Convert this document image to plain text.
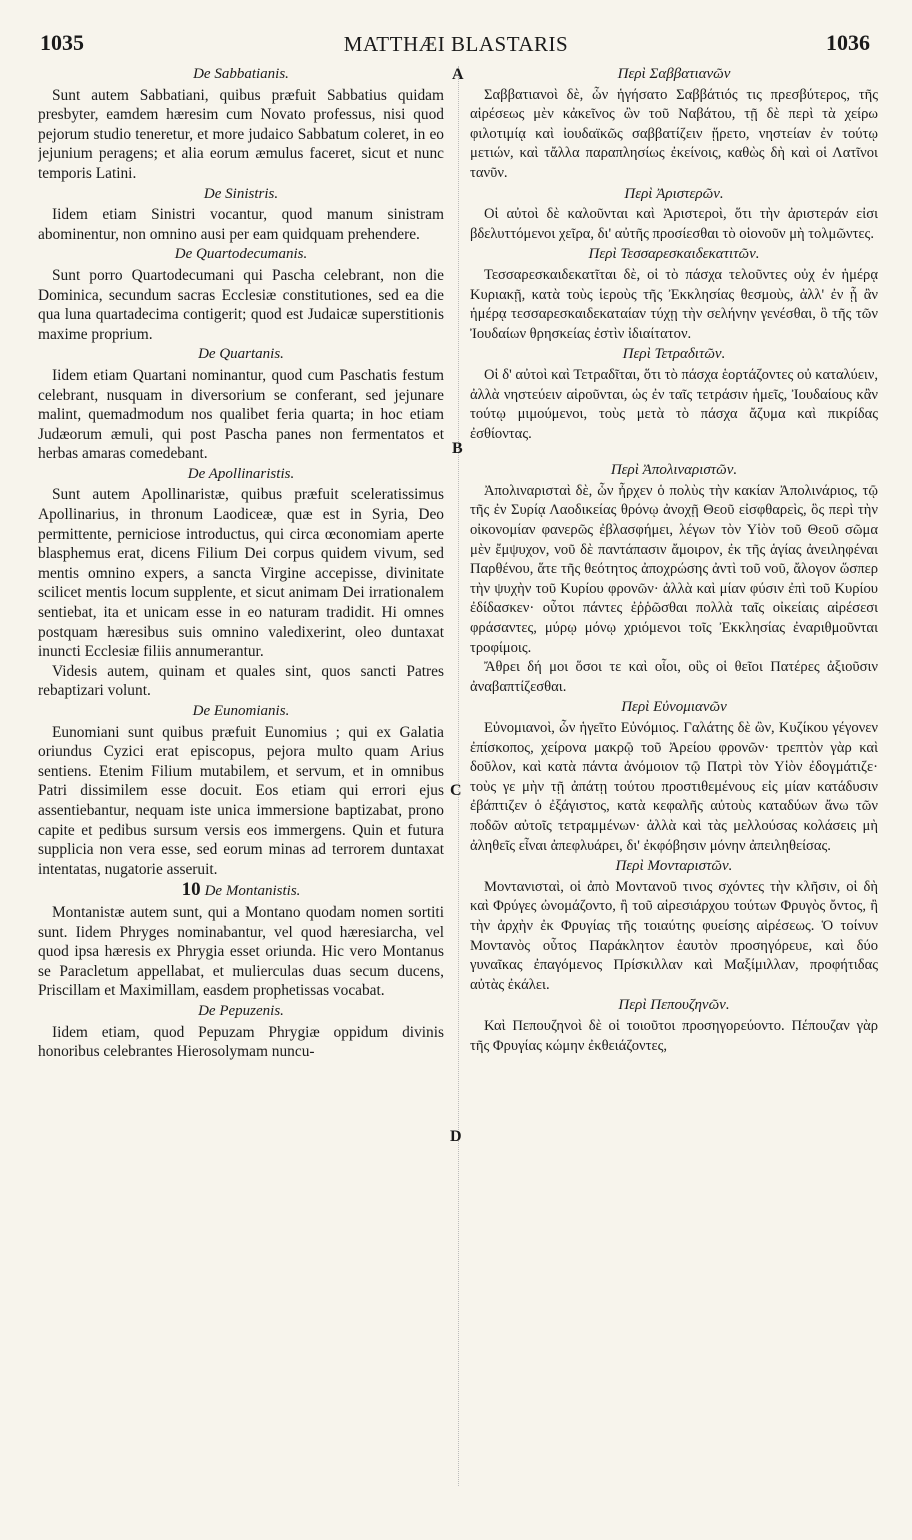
1035	MATTHÆI BLASTARIS	1036
De Sabbatianis.

Sunt autem Sabbatiani, quibus præfuit Sabbatius quidam presbyter, eamdem hæresim cum Novato professus, nisi quod pejorum studio teneretur, et more judaico Sabbatum coleret, in eo jejunium peragens; et alia eorum æmulus faceret, sicut et nunc temporis Latini.

De Sinistris.

Iidem etiam Sinistri vocantur, quod manum sinistram abominentur, non omnino ausi per eam quidquam prehendere.

De Quartodecumanis.

Sunt porro Quartodecumani qui Pascha celebrant, non die Dominica, secundum sacras Ecclesiæ constitutiones, sed ea die qua luna quartadecima contigerit; quod est Judaicæ superstitionis maxime proprium.

De Quartanis.

Iidem etiam Quartani nominantur, quod cum Paschatis festum celebrant, nusquam in diversorium se conferant, sed jejunare malint, quemadmodum nos qualibet feria quarta; in hoc etiam Judæorum æmuli, qui post Pascha panes non fermentatos et herbas amaras comedebant.

De Apollinaristis.

Sunt autem Apollinaristæ, quibus præfuit sceleratissimus Apollinarius, in thronum Laodiceæ, quæ est in Syria, Deo permittente, perniciose introductus, qui circa œconomiam aperte blasphemus erat, dicens Filium Dei corpus quidem vivum, sed mentis omnino expers, a sancta Virgine accepisse, divinitate scilicet mentis locum supplente, et sicut animam Dei irrationalem sentiebat, ita et unicam esse in eo naturam tradidit. Hi omnes postquam hæresibus suis omnino valedixerint, oleo duntaxat inuncti Ecclesiæ filiis annumerantur.

Videsis autem, quinam et quales sint, quos sancti Patres rebaptizari volunt.

De Eunomianis.

Eunomiani sunt quibus præfuit Eunomius ; qui ex Galatia oriundus Cyzici erat episcopus, pejora multo quam Arius sentiens. Etenim Filium mutabilem, et servum, et in omnibus Patri dissimilem esse docuit. Eos etiam qui errori ejus assentiebantur, nequam iste unica immersione baptizabat, prono capite et pedibus sursum versis eos immergens. Quin et futura supplicia non vera esse, sed eorum minas ad terrorem duntaxat intentatas, nugatorie asseruit.

10 De Montanistis.

Montanistæ autem sunt, qui a Montano quodam nomen sortiti sunt. Iidem Phryges nominabantur, vel quod hæresiarcha, vel quod ipsa hæresis ex Phrygia esset oriunda. Hic vero Montanus se Paracletum appellabat, et mulierculas duas secum ducens, Priscillam et Maximillam, easdem prophetissas vocabat.

De Pepuzenis.

Iidem etiam, quod Pepuzam Phrygiæ oppidum divinis honoribus celebrantes Hierosolymam nuncu-

Περὶ Σαββατιανῶν

Σαββατιανοὶ δὲ, ὧν ἡγήσατο Σαββάτιός τις πρεσβύτερος, τῆς αἱρέσεως μὲν κἀκεῖνος ὢν τοῦ Ναβάτου, τῇ δὲ περὶ τὰ χείρω φιλοτιμίᾳ καὶ ἰουδαϊκῶς σαββατίζειν ᾕρετο, νηστείαν ἐν τούτῳ μετιών, καὶ τἄλλα παραπλησίως ἐκείνοις, καθὼς δὴ καὶ οἱ Λατῖνοι τανῦν.

Περὶ Ἀριστερῶν.

Οἱ αὐτοὶ δὲ καλοῦνται καὶ Ἀριστεροὶ, ὅτι τὴν ἀριστεράν εἰσι βδελυττόμενοι χεῖρα, δι' αὐτῆς προσίεσθαι τὸ οἱονοῦν μὴ τολμῶντες.

Περὶ Τεσσαρεσκαιδεκατιτῶν.

Τεσσαρεσκαιδεκατῖται δὲ, οἱ τὸ πάσχα τελοῦντες οὐχ ἐν ἡμέρᾳ Κυριακῇ, κατὰ τοὺς ἱεροὺς τῆς Ἐκκλησίας θεσμοὺς, ἀλλ' ἐν ᾗ ἂν ἡμέρᾳ τεσσαρεσκαιδεκαταίαν τύχῃ τὴν σελήνην γενέσθαι, ὃ τῆς τῶν Ἰουδαίων θρησκείας ἐστὶν ἰδιαίτατον.

Περὶ Τετραδιτῶν.

Οἱ δ' αὐτοὶ καὶ Τετραδῖται, ὅτι τὸ πάσχα ἑορτάζοντες οὐ καταλύειν, ἀλλὰ νηστεύειν αἱροῦνται, ὡς ἐν ταῖς τετράσιν ἡμεῖς, Ἰουδαίους κἂν τούτῳ μιμούμενοι, τοὺς μετὰ τὸ πάσχα ἄζυμα καὶ πικρίδας ἐσθίοντας.

Περὶ Ἀπολιναριστῶν.

Ἀπολιναρισταὶ δὲ, ὧν ἦρχεν ὁ πολὺς τὴν κακίαν Ἀπολινάριος, τῷ τῆς ἐν Συρίᾳ Λαοδικείας θρόνῳ ἀνοχῇ Θεοῦ εἰσφθαρεὶς, ὃς περὶ τὴν οἰκονομίαν φανερῶς ἐβλασφήμει, λέγων τὸν Υἱὸν τοῦ Θεοῦ σῶμα μὲν ἔμψυχον, νοῦ δὲ παντάπασιν ἄμοιρον, ἐκ τῆς ἁγίας ἀνειληφέναι Παρθένου, ἅτε τῆς θεότητος ἀποχρώσης ἀντὶ τοῦ νοῦ, ἄλογον ὥσπερ τὴν ψυχὴν τοῦ Κυρίου φρονῶν· ἀλλὰ καὶ μίαν φύσιν ἐπὶ τοῦ Κυρίου ἐδίδασκεν· οὗτοι πάντες ἐῤῥῶσθαι πολλὰ ταῖς οἰκείαις αἱρέσεσι φράσαντες, μύρῳ μόνῳ χριόμενοι τοῖς Ἐκκλησίας ἐναριθμοῦνται τροφίμοις.

Ἄθρει δή μοι ὅσοι τε καὶ οἷοι, οὓς οἱ θεῖοι Πατέρες ἀξιοῦσιν ἀναβαπτίζεσθαι.

Περὶ Εὐνομιανῶν

Εὐνομιανοὶ, ὧν ἡγεῖτο Εὐνόμιος. Γαλάτης δὲ ὢν, Κυζίκου γέγονεν ἐπίσκοπος, χείρονα μακρῷ τοῦ Ἀρείου φρονῶν· τρεπτὸν γὰρ καὶ δοῦλον, καὶ κατὰ πάντα ἀνόμοιον τῷ Πατρὶ τὸν Υἱὸν ἐδογμάτιζε· τοὺς γε μὴν τῇ ἀπάτῃ τούτου προστιθεμένους εἰς μίαν κατάδυσιν ἐβάπτιζεν ὁ ἐξάγιστος, κατὰ κεφαλῆς αὐτοὺς καταδύων ἄνω τῶν ποδῶν αὐτοῖς τετραμμένων· ἀλλὰ καὶ τὰς μελλούσας κολάσεις μὴ ἀληθεῖς εἶναι ἀπεφλυάρει, δι' ἐκφόβησιν μόνην ἀπειληθείσας.

Περὶ Μονταριστῶν.

Μοντανισταὶ, οἱ ἀπὸ Μοντανοῦ τινος σχόντες τὴν κλῆσιν, οἱ δὴ καὶ Φρύγες ὠνομάζοντο, ἢ τοῦ αἱρεσιάρχου τούτων Φρυγὸς ὄντος, ἢ τὴν ἀρχὴν ἐκ Φρυγίας τῆς τοιαύτης φυείσης αἱρέσεως. Ὁ τοίνυν Μοντανὸς οὗτος Παράκλητον ἑαυτὸν προσηγόρευε, καὶ δύο γυναῖκας ἐπαγόμενος Πρίσκιλλαν καὶ Μαξίμιλλαν, προφήτιδας αὐτὰς ἐκάλει.

Περὶ Πεπουζηνῶν.

Καὶ Πεπουζηνοὶ δὲ οἱ τοιοῦτοι προσηγορεύοντο. Πέπουζαν γὰρ τῆς Φρυγίας κώμην ἐκθειάζοντες,

A
B
C
D
